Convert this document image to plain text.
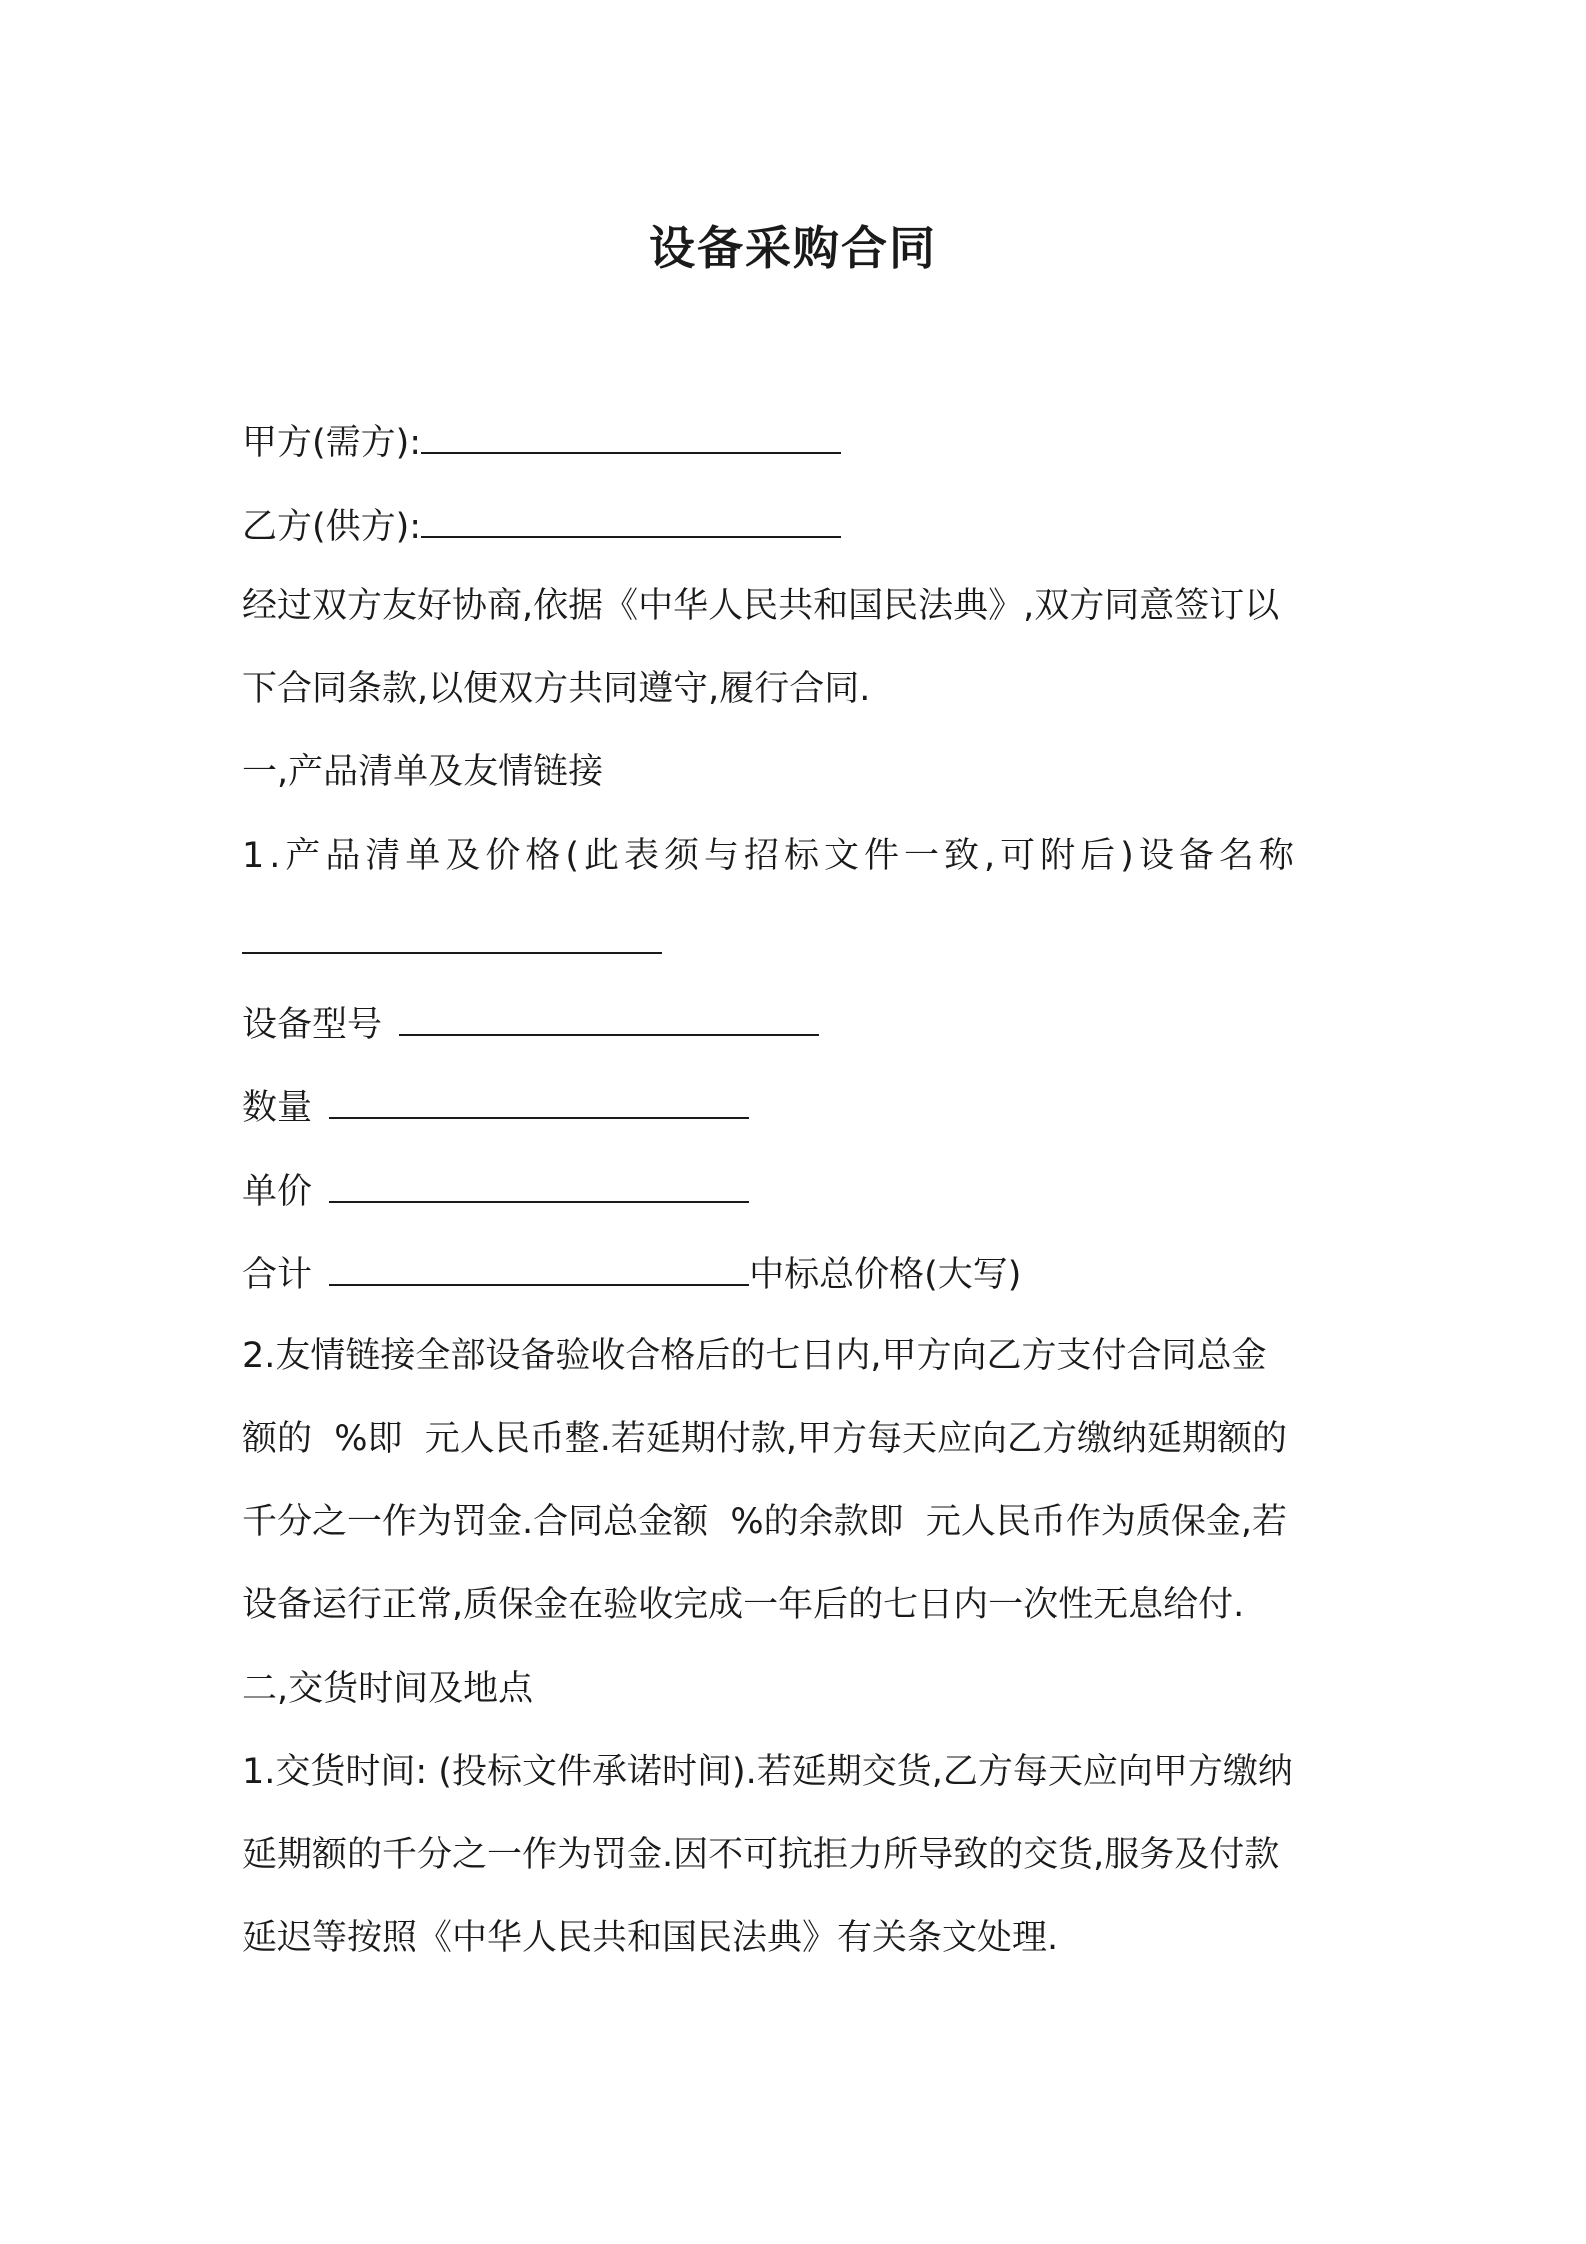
设备采购合同
甲方(需方):
乙方(供方):
经过双方友好协商,依据《中华人民共和国民法典》,双方同意签订以
下合同条款,以便双方共同遵守,履行合同.
一,产品清单及友情链接
1.产品清单及价格(此表须与招标文件一致,可附后)设备名称
设备型号
数量
单价
合计	中标总价格(大写)
2.友情链接全部设备验收合格后的七日内,甲方向乙方支付合同总金
额的  %即  元人民币整.若延期付款,甲方每天应向乙方缴纳延期额的
千分之一作为罚金.合同总金额  %的余款即  元人民币作为质保金,若
设备运行正常,质保金在验收完成一年后的七日内一次性无息给付.
二,交货时间及地点
1.交货时间: (投标文件承诺时间).若延期交货,乙方每天应向甲方缴纳
延期额的千分之一作为罚金.因不可抗拒力所导致的交货,服务及付款
延迟等按照《中华人民共和国民法典》有关条文处理.
